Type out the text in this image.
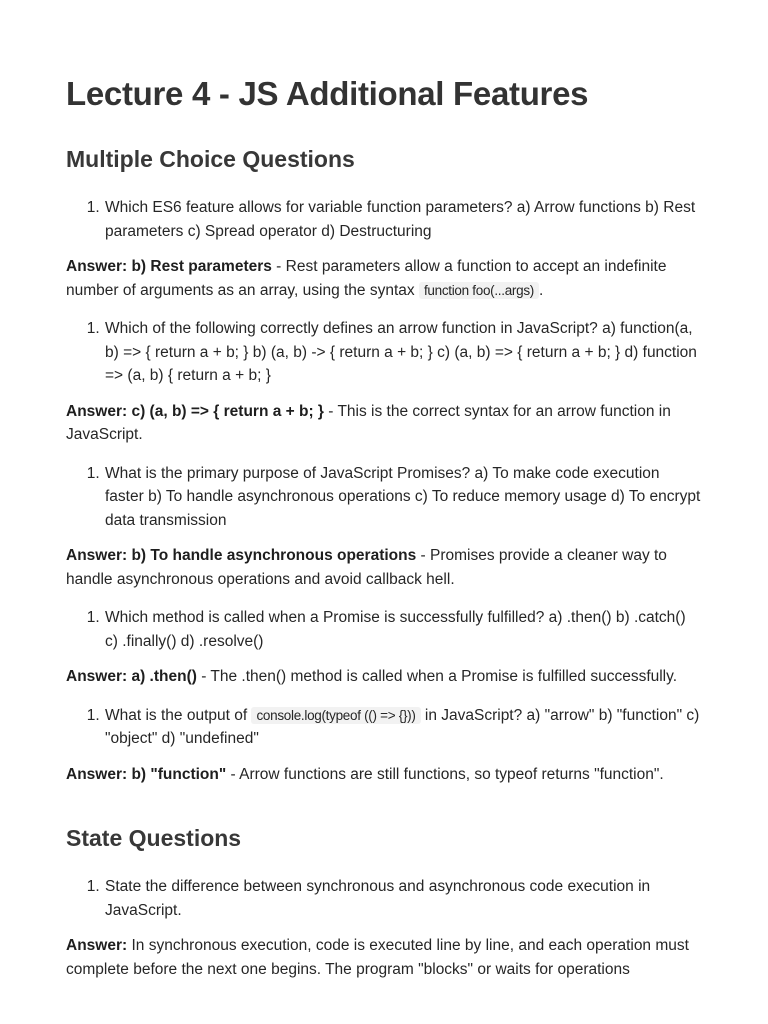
Lecture 4 - JS Additional Features
Multiple Choice Questions
1. Which ES6 feature allows for variable function parameters? a) Arrow functions b) Rest parameters c) Spread operator d) Destructuring

Answer: b) Rest parameters - Rest parameters allow a function to accept an indefinite number of arguments as an array, using the syntax function foo(...args) .

1. Which of the following correctly defines an arrow function in JavaScript? a) function(a, b) => { return a + b; } b) (a, b) -> { return a + b; } c) (a, b) => { return a + b; } d) function => (a, b) { return a + b; }

Answer: c) (a, b) => { return a + b; } - This is the correct syntax for an arrow function in JavaScript.

1. What is the primary purpose of JavaScript Promises? a) To make code execution faster b) To handle asynchronous operations c) To reduce memory usage d) To encrypt data transmission

Answer: b) To handle asynchronous operations - Promises provide a cleaner way to handle asynchronous operations and avoid callback hell.

1. Which method is called when a Promise is successfully fulfilled? a) .then() b) .catch() c) .finally() d) .resolve()

Answer: a) .then() - The .then() method is called when a Promise is fulfilled successfully.

1. What is the output of console.log(typeof (() => {})) in JavaScript? a) "arrow" b) "function" c) "object" d) "undefined"

Answer: b) "function" - Arrow functions are still functions, so typeof returns "function".

State Questions
1. State the difference between synchronous and asynchronous code execution in JavaScript.

Answer: In synchronous execution, code is executed line by line, and each operation must complete before the next one begins. The program "blocks" or waits for operations
